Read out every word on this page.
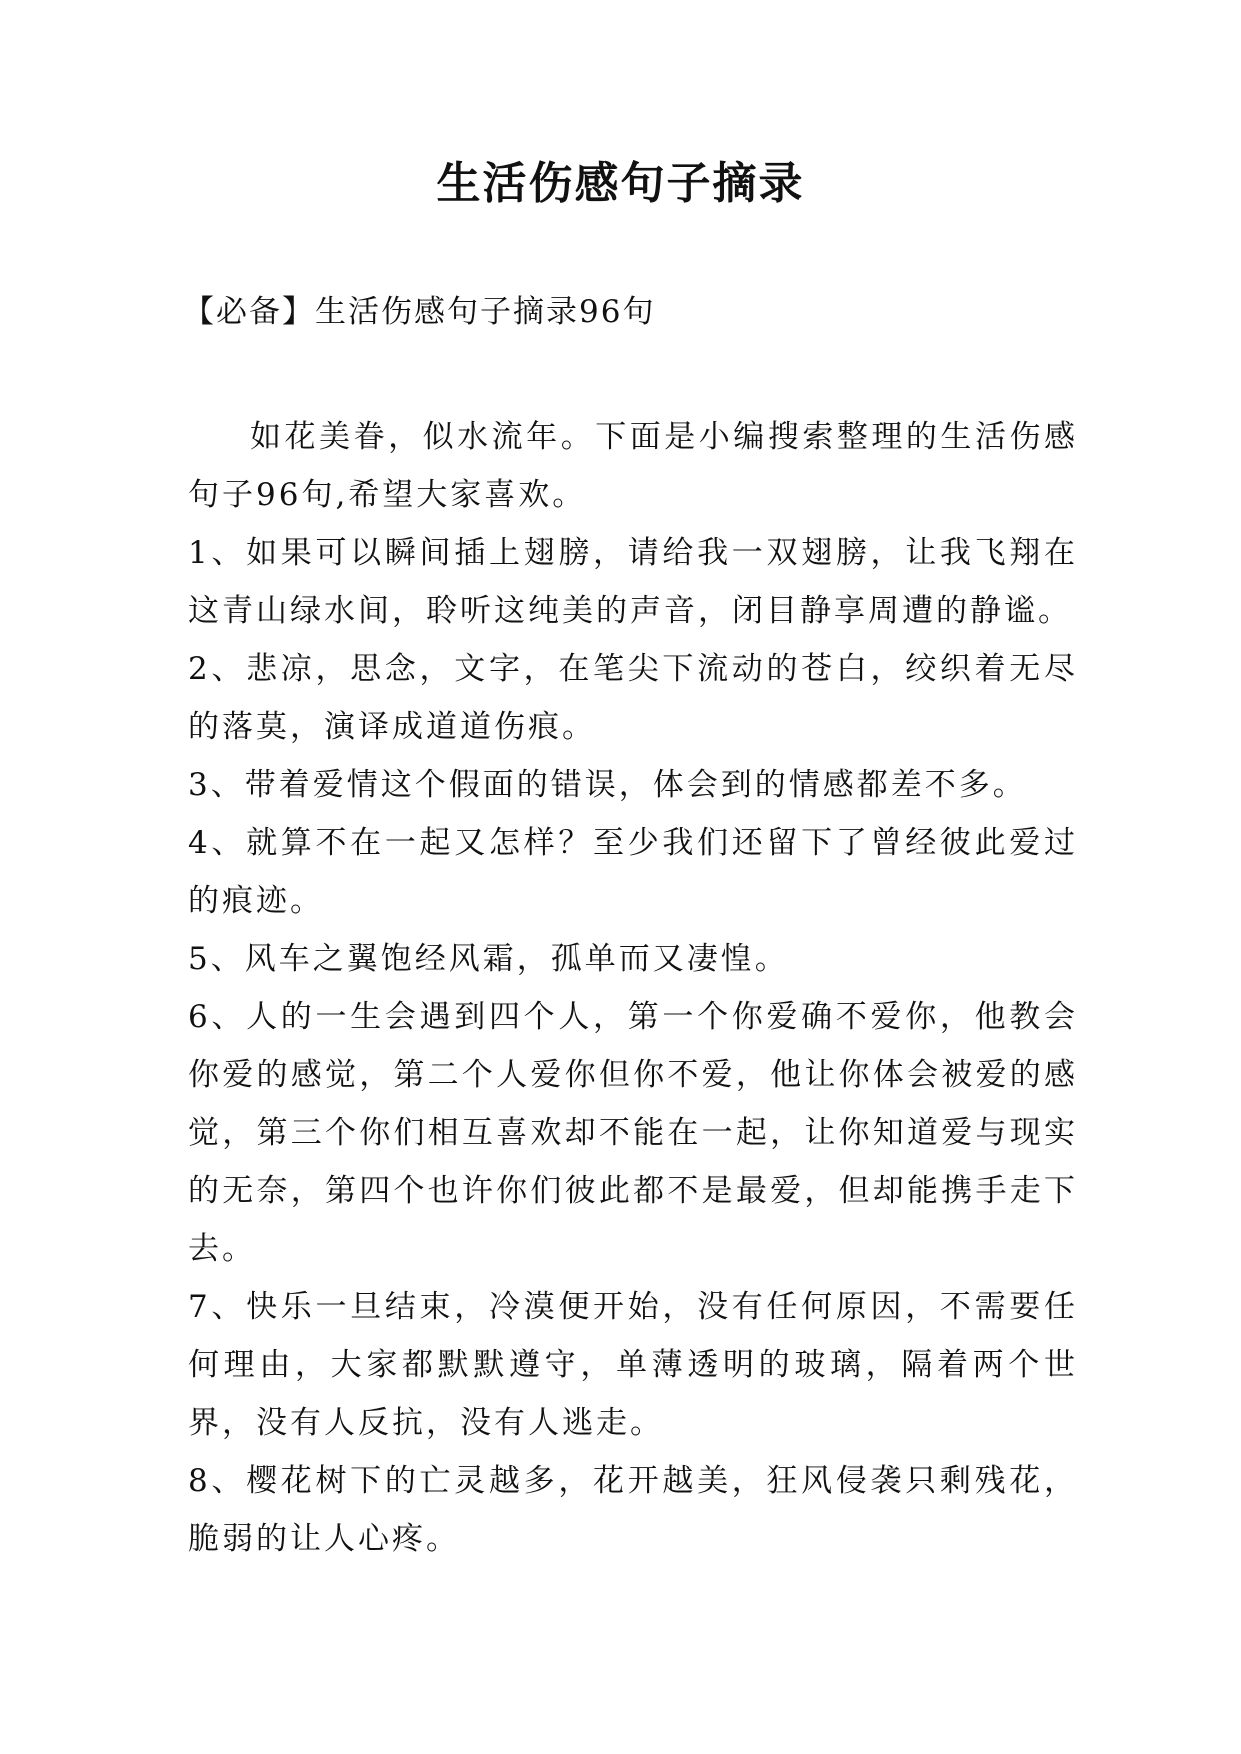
生活伤感句子摘录

【必备】生活伤感句子摘录96句

如花美眷，似水流年。下面是小编搜索整理的生活伤感句子96句,希望大家喜欢。

1、如果可以瞬间插上翅膀，请给我一双翅膀，让我飞翔在这青山绿水间，聆听这纯美的声音，闭目静享周遭的静谧。

2、悲凉，思念，文字，在笔尖下流动的苍白，绞织着无尽的落莫，演译成道道伤痕。

3、带着爱情这个假面的错误，体会到的情感都差不多。

4、就算不在一起又怎样？至少我们还留下了曾经彼此爱过的痕迹。

5、风车之翼饱经风霜，孤单而又凄惶。

6、人的一生会遇到四个人，第一个你爱确不爱你，他教会你爱的感觉，第二个人爱你但你不爱，他让你体会被爱的感觉，第三个你们相互喜欢却不能在一起，让你知道爱与现实的无奈，第四个也许你们彼此都不是最爱，但却能携手走下去。

7、快乐一旦结束，冷漠便开始，没有任何原因，不需要任何理由，大家都默默遵守，单薄透明的玻璃，隔着两个世界，没有人反抗，没有人逃走。

8、樱花树下的亡灵越多，花开越美，狂风侵袭只剩残花，脆弱的让人心疼。
